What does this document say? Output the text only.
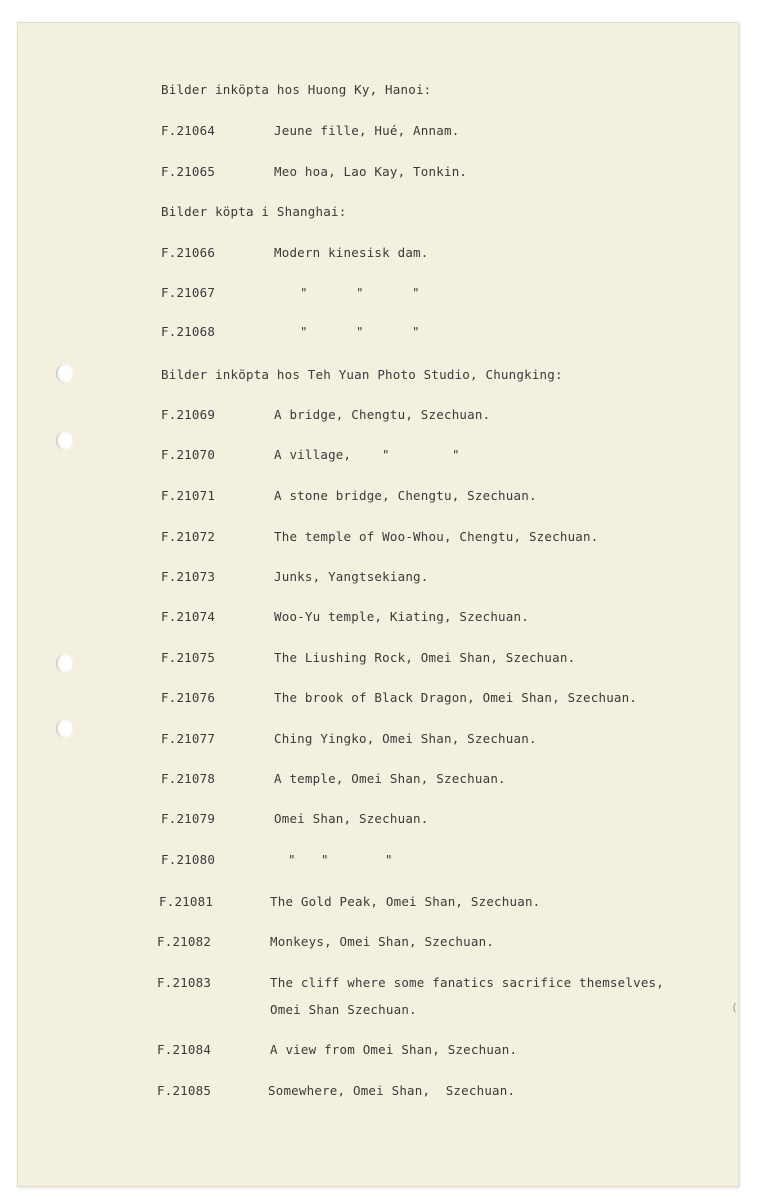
Bilder inköpta hos Huong Ky, Hanoi:
Bilder köpta i Shanghai:
Bilder inköpta hos Teh Yuan Photo Studio, Chungking:
F.21064	Jeune fille, Hué, Annam.
F.21065	Meo hoa, Lao Kay, Tonkin.
F.21066	Modern kinesisk dam.
F.21067	"	"	"
F.21068	"	"	"
F.21069	A bridge, Chengtu, Szechuan.
F.21070	A village, "	"
F.21071	A stone bridge, Chengtu, Szechuan.
F.21072	The temple of Woo-Whou, Chengtu, Szechuan.
F.21073	Junks, Yangtsekiang.
F.21074	Woo-Yu temple, Kiating, Szechuan.
F.21075	The Liushing Rock, Omei Shan, Szechuan.
F.21076	The brook of Black Dragon, Omei Shan, Szechuan.
F.21077	Ching Yingko, Omei Shan, Szechuan.
F.21078	A temple, Omei Shan, Szechuan.
F.21079	Omei Shan, Szechuan.
F.21080	" "	"
F.21081	The Gold Peak, Omei Shan, Szechuan.
F.21082	Monkeys, Omei Shan, Szechuan.
F.21083	The cliff where some fanatics sacrifice themselves,
Omei Shan Szechuan.
F.21084	A view from Omei Shan, Szechuan.
F.21085	Somewhere, Omei Shan,  Szechuan.
(
